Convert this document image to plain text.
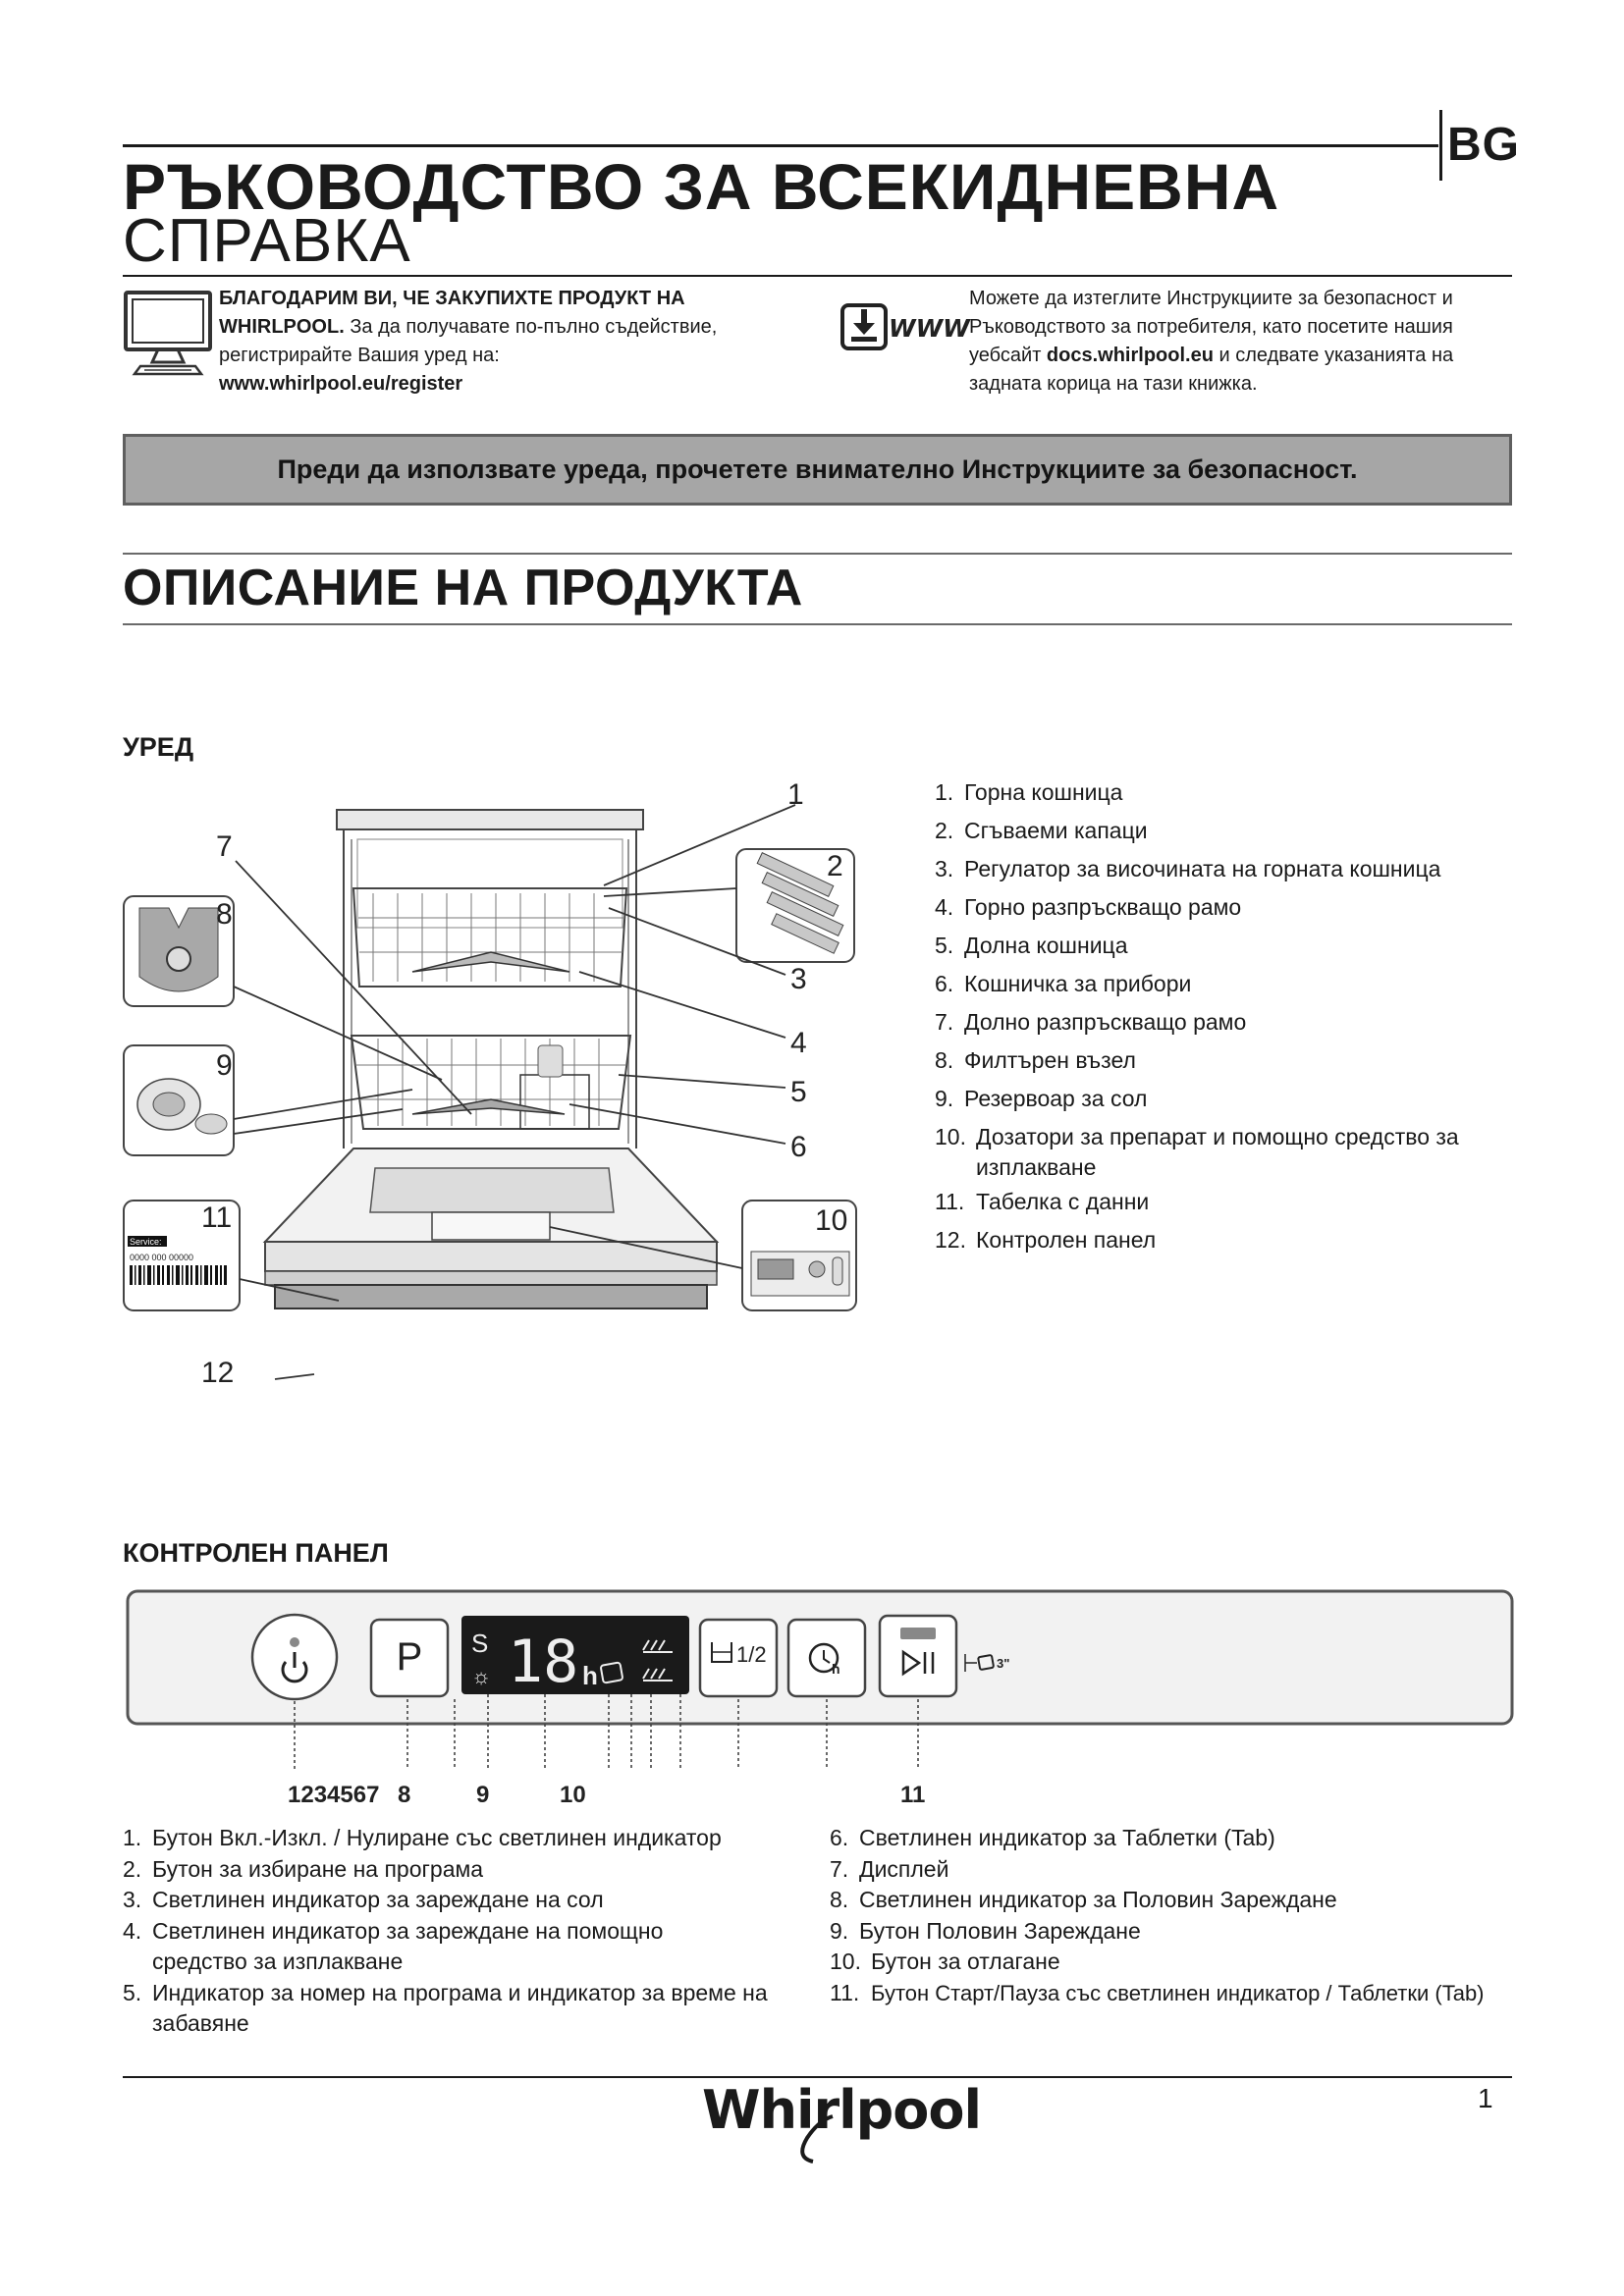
BG
РЪКОВОДСТВО ЗА ВСЕКИДНЕВНА
СПРАВКА
БЛАГОДАРИМ ВИ, ЧЕ ЗАКУПИХТЕ ПРОДУКТ НА WHIRLPOOL. За да получавате по-пълно съдействие, регистрирайте Вашия уред на:
www.whirlpool.eu/register
WWW
Можете да изтеглите Инструкциите за безопасност и Ръководството за потребителя, като посетите нашия уебсайт docs.whirlpool.eu и следвате указанията на задната корица на тази книжка.
Преди да използвате уреда, прочетете внимателно Инструкциите за безопасност.
ОПИСАНИЕ НА ПРОДУКТА
УРЕД
Service:
0000 000 00000
1
2
3
4
5
6
7
8
9
10
11
12
1. Горна кошница
2. Сгъваеми капаци
3. Регулатор за височината на горната кошница
4. Горно разпръскващо рамо
5. Долна кошница
6. Кошничка за прибори
7. Долно разпръскващо рамо
8. Филтърен възел
9. Резервоар за сол
10. Дозатори за препарат и помощно средство за изплакване
11. Табелка с данни
12. Контролен панел
КОНТРОЛЕН ПАНЕЛ
P S
☼ 18 h
1/2
h	3"
1234567 8	9	10	11
1. Бутон Вкл.-Изкл. / Нулиране със светлинен индикатор
2. Бутон за избиране на програма
3. Светлинен индикатор за зареждане на сол
4. Светлинен индикатор за зареждане на помощно средство за изплакване
5. Индикатор за номер на програма и индикатор за време на забавяне
6. Светлинен индикатор за Таблетки (Tab)
7. Дисплей
8. Светлинен индикатор за Половин Зареждане
9. Бутон Половин Зареждане
10. Бутон за отлагане
11. Бутон Старт/Пауза със светлинен индикатор / Таблетки (Tab)
Whirlpool	1
